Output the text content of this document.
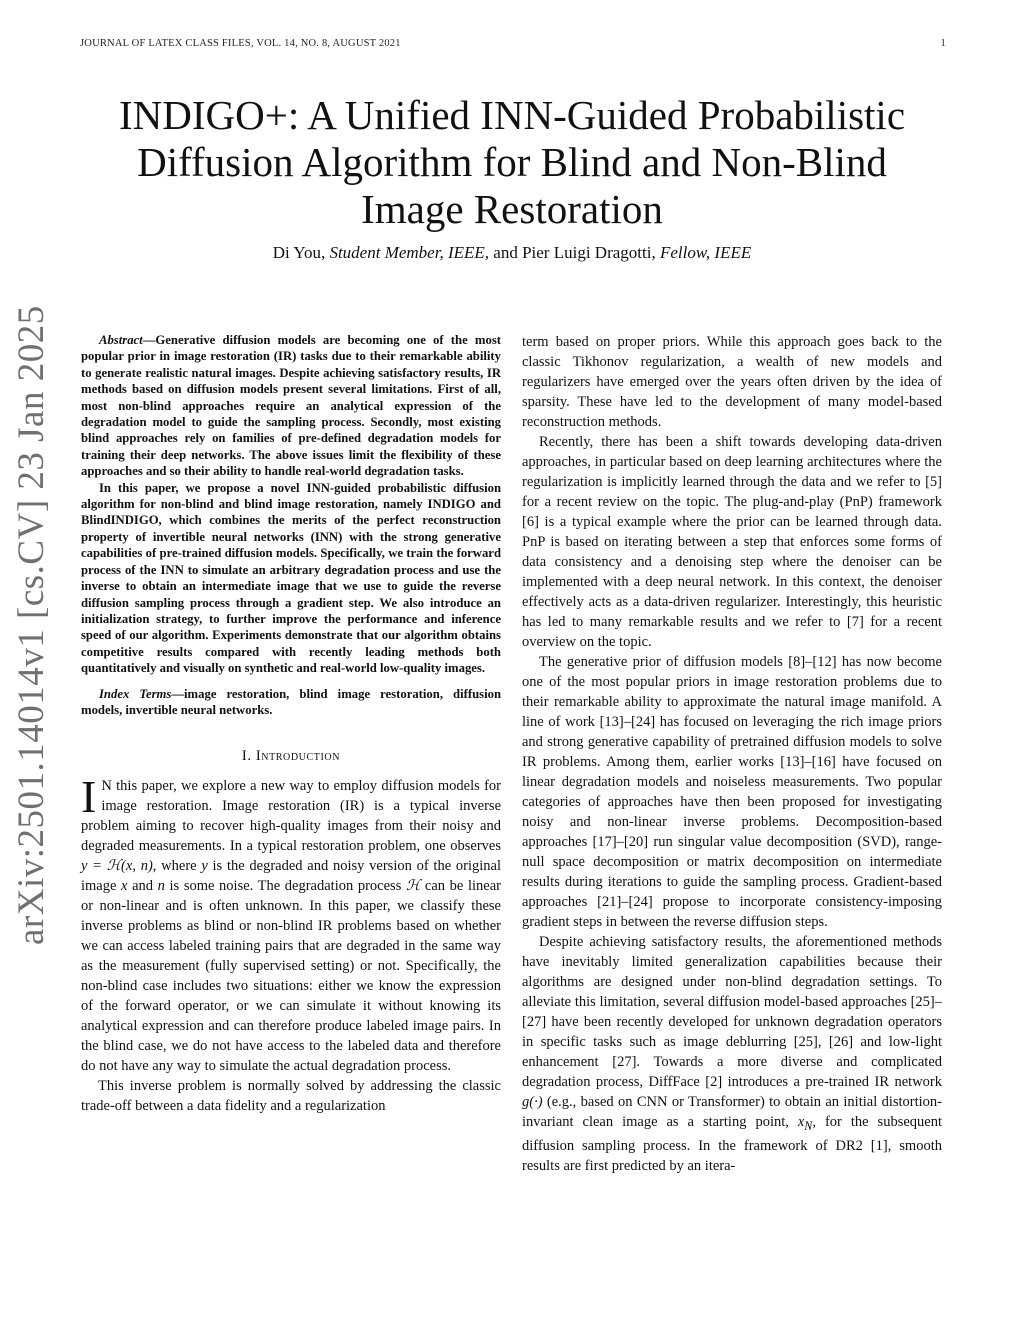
JOURNAL OF LATEX CLASS FILES, VOL. 14, NO. 8, AUGUST 2021	1
arXiv:2501.14014v1 [cs.CV] 23 Jan 2025
INDIGO+: A Unified INN-Guided Probabilistic Diffusion Algorithm for Blind and Non-Blind Image Restoration
Di You, Student Member, IEEE, and Pier Luigi Dragotti, Fellow, IEEE

Abstract—Generative diffusion models are becoming one of the most popular prior in image restoration (IR) tasks due to their remarkable ability to generate realistic natural images. Despite achieving satisfactory results, IR methods based on diffusion models present several limitations. First of all, most non-blind approaches require an analytical expression of the degradation model to guide the sampling process. Secondly, most existing blind approaches rely on families of pre-defined degradation models for training their deep networks. The above issues limit the flexibility of these approaches and so their ability to handle real-world degradation tasks.

In this paper, we propose a novel INN-guided probabilistic diffusion algorithm for non-blind and blind image restoration, namely INDIGO and BlindINDIGO, which combines the merits of the perfect reconstruction property of invertible neural networks (INN) with the strong generative capabilities of pre-trained diffusion models. Specifically, we train the forward process of the INN to simulate an arbitrary degradation process and use the inverse to obtain an intermediate image that we use to guide the reverse diffusion sampling process through a gradient step. We also introduce an initialization strategy, to further improve the performance and inference speed of our algorithm. Experiments demonstrate that our algorithm obtains competitive results compared with recently leading methods both quantitatively and visually on synthetic and real-world low-quality images.

Index Terms—image restoration, blind image restoration, diffusion models, invertible neural networks.
I. Introduction

I N this paper, we explore a new way to employ diffusion models for image restoration. Image restoration (IR) is a typical inverse problem aiming to recover high-quality images from their noisy and degraded measurements. In a typical restoration problem, one observes y = ℋ(x, n), where y is the degraded and noisy version of the original image x and n is some noise. The degradation process ℋ can be linear or non-linear and is often unknown. In this paper, we classify these inverse problems as blind or non-blind IR problems based on whether we can access labeled training pairs that are degraded in the same way as the measurement (fully supervised setting) or not. Specifically, the non-blind case includes two situations: either we know the expression of the forward operator, or we can simulate it without knowing its analytical expression and can therefore produce labeled image pairs. In the blind case, we do not have access to the labeled data and therefore do not have any way to simulate the actual degradation process.

This inverse problem is normally solved by addressing the classic trade-off between a data fidelity and a regularization

term based on proper priors. While this approach goes back to the classic Tikhonov regularization, a wealth of new models and regularizers have emerged over the years often driven by the idea of sparsity. These have led to the development of many model-based reconstruction methods.

Recently, there has been a shift towards developing data-driven approaches, in particular based on deep learning architectures where the regularization is implicitly learned through the data and we refer to [5] for a recent review on the topic. The plug-and-play (PnP) framework [6] is a typical example where the prior can be learned through data. PnP is based on iterating between a step that enforces some forms of data consistency and a denoising step where the denoiser can be implemented with a deep neural network. In this context, the denoiser effectively acts as a data-driven regularizer. Interestingly, this heuristic has led to many remarkable results and we refer to [7] for a recent overview on the topic.

The generative prior of diffusion models [8]–[12] has now become one of the most popular priors in image restoration problems due to their remarkable ability to approximate the natural image manifold. A line of work [13]–[24] has focused on leveraging the rich image priors and strong generative capability of pretrained diffusion models to solve IR problems. Among them, earlier works [13]–[16] have focused on linear degradation models and noiseless measurements. Two popular categories of approaches have then been proposed for investigating noisy and non-linear inverse problems. Decomposition-based approaches [17]–[20] run singular value decomposition (SVD), range-null space decomposition or matrix decomposition on intermediate results during iterations to guide the sampling process. Gradient-based approaches [21]–[24] propose to incorporate consistency-imposing gradient steps in between the reverse diffusion steps.

Despite achieving satisfactory results, the aforementioned methods have inevitably limited generalization capabilities because their algorithms are designed under non-blind degradation settings. To alleviate this limitation, several diffusion model-based approaches [25]–[27] have been recently developed for unknown degradation operators in specific tasks such as image deblurring [25], [26] and low-light enhancement [27]. Towards a more diverse and complicated degradation process, DiffFace [2] introduces a pre-trained IR network g(·) (e.g., based on CNN or Transformer) to obtain an initial distortion-invariant clean image as a starting point, $x_N$, for the subsequent diffusion sampling process. In the framework of DR2 [1], smooth results are first predicted by an itera-
